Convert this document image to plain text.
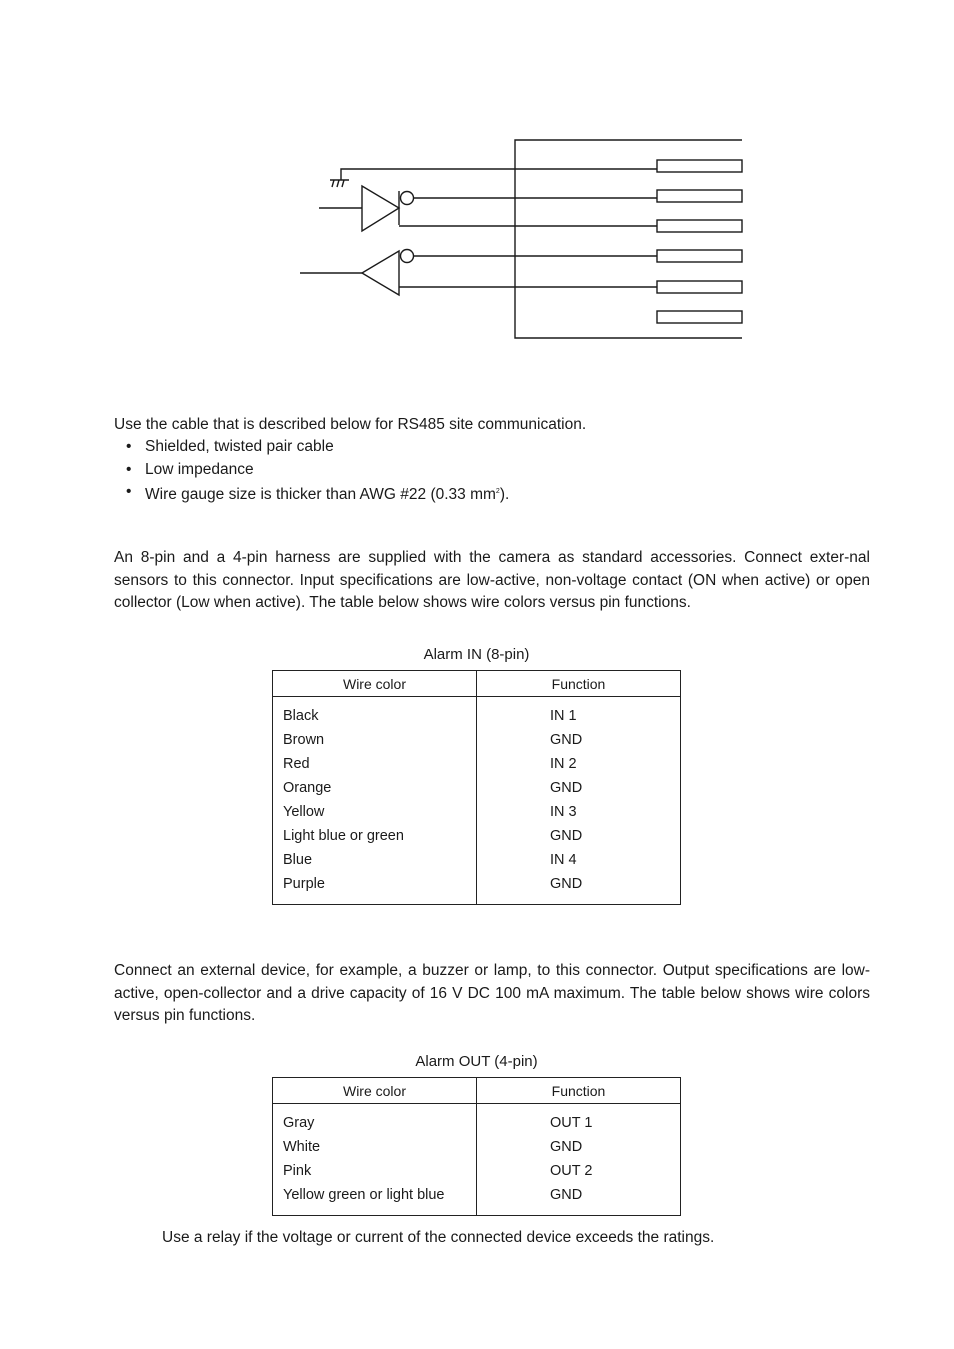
Use the cable that is described below for RS485 site communication.

• Shielded, twisted pair cable
• Low impedance
• Wire gauge size is thicker than AWG #22 (0.33 $mm^2$).

An 8-pin and a 4-pin harness are supplied with the camera as standard accessories. Connect exter-nal sensors to this connector. Input specifications are low-active, non-voltage contact (ON when active) or open collector (Low when active). The table below shows wire colors versus pin functions.

Alarm IN (8-pin)
Wire color	Function
Black	IN 1
Brown	GND
Red	IN 2
Orange	GND
Yellow	IN 3
Light blue or green	GND
Blue	IN 4
Purple	GND

Connect an external device, for example, a buzzer or lamp, to this connector. Output specifications are low-active, open-collector and a drive capacity of 16 V DC 100 mA maximum. The table below shows wire colors versus pin functions.

Alarm OUT (4-pin)
Wire color	Function
Gray	OUT 1
White	GND
Pink	OUT 2
Yellow green or light blue	GND

Use a relay if the voltage or current of the connected device exceeds the ratings.
